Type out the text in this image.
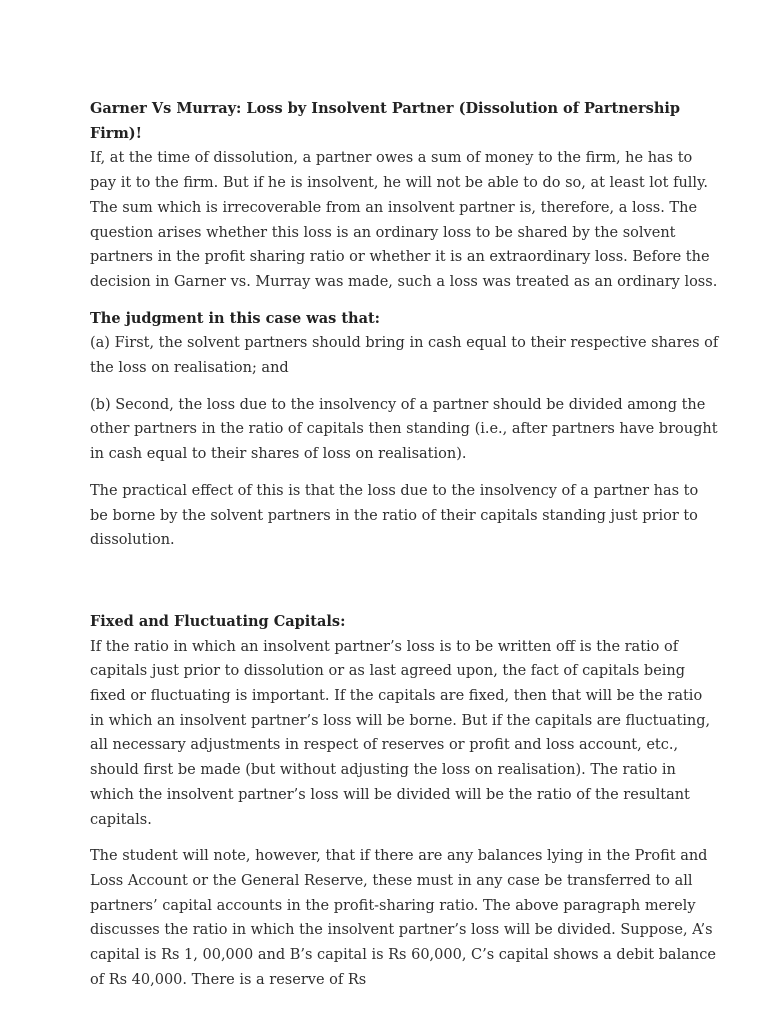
Garner Vs Murray: Loss by Insolvent Partner (Dissolution of Partnership Firm)!

If, at the time of dissolution, a partner owes a sum of money to the firm, he has to pay it to the firm. But if he is insolvent, he will not be able to do so, at least lot fully. The sum which is irrecoverable from an insolvent partner is, therefore, a loss. The question arises whether this loss is an ordinary loss to be shared by the solvent partners in the profit sharing ratio or whether it is an extraordinary loss. Before the decision in Garner vs. Murray was made, such a loss was treated as an ordinary loss.

The judgment in this case was that:

(a) First, the solvent partners should bring in cash equal to their respective shares of the loss on realisation; and

(b) Second, the loss due to the insolvency of a partner should be divided among the other partners in the ratio of capitals then standing (i.e., after partners have brought in cash equal to their shares of loss on realisation).

The practical effect of this is that the loss due to the insolvency of a partner has to be borne by the solvent partners in the ratio of their capitals standing just prior to dissolution.

Fixed and Fluctuating Capitals:

If the ratio in which an insolvent partner’s loss is to be written off is the ratio of capitals just prior to dissolution or as last agreed upon, the fact of capitals being fixed or fluctuating is important. If the capitals are fixed, then that will be the ratio in which an insolvent partner’s loss will be borne. But if the capitals are fluctuating, all necessary adjustments in respect of reserves or profit and loss account, etc., should first be made (but without adjusting the loss on realisation). The ratio in which the insolvent partner’s loss will be divided will be the ratio of the resultant capitals.

The student will note, however, that if there are any balances lying in the Profit and Loss Account or the General Reserve, these must in any case be transferred to all partners’ capital accounts in the profit-sharing ratio. The above paragraph merely discusses the ratio in which the insolvent partner’s loss will be divided. Suppose, A’s capital is Rs 1, 00,000 and B’s capital is Rs 60,000, C’s capital shows a debit balance of Rs 40,000. There is a reserve of Rs
